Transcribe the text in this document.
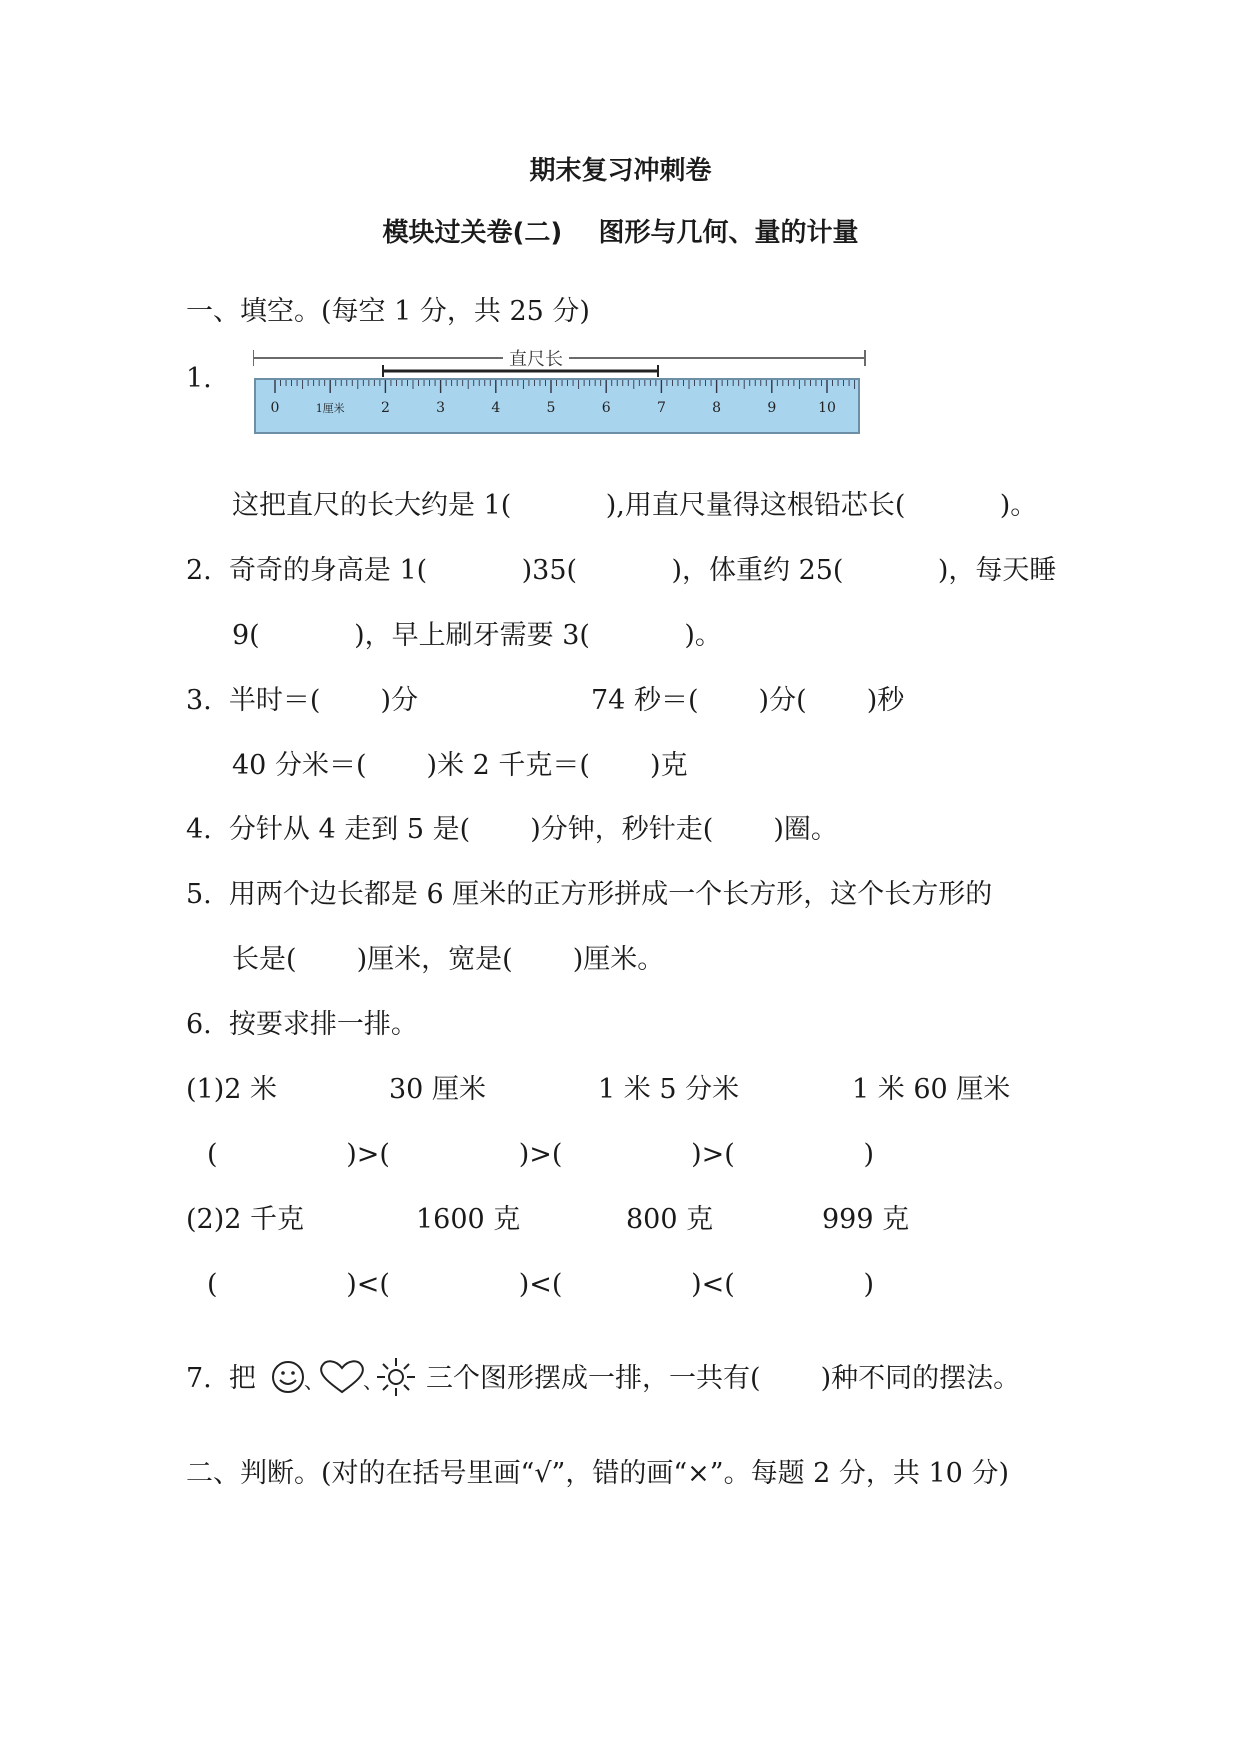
期末复习冲刺卷
模块过关卷(二)    图形与几何、量的计量
一、填空。(每空 1 分，共 25 分)
1.
直尺长
0	1厘米	2	3	4	5	6	7	8	9	10
这把直尺的长大约是 1(           ),用直尺量得这根铅芯长(           )。
2.  奇奇的身高是 1(           )35(           )，体重约 25(           )，每天睡
9(           )，早上刷牙需要 3(           )。
3.  半时＝(       )分	74 秒＝(       )分(       )秒
40 分米＝(       )米 2 千克＝(       )克
4.  分针从 4 走到 5 是(       )分钟，秒针走(       )圈。
5.  用两个边长都是 6 厘米的正方形拼成一个长方形，这个长方形的
长是(       )厘米，宽是(       )厘米。
6.  按要求排一排。
(1)2 米	30 厘米	1 米 5 分米	1 米 60 厘米
(               )>(               )>(               )>(               )
(2)2 千克	1600 克	800 克	999 克
(               )<(               )<(               )<(               )
7.  把 、 、 三个图形摆成一排，一共有(       )种不同的摆法。
二、判断。(对的在括号里画“√”，错的画“×”。每题 2 分，共 10 分)
